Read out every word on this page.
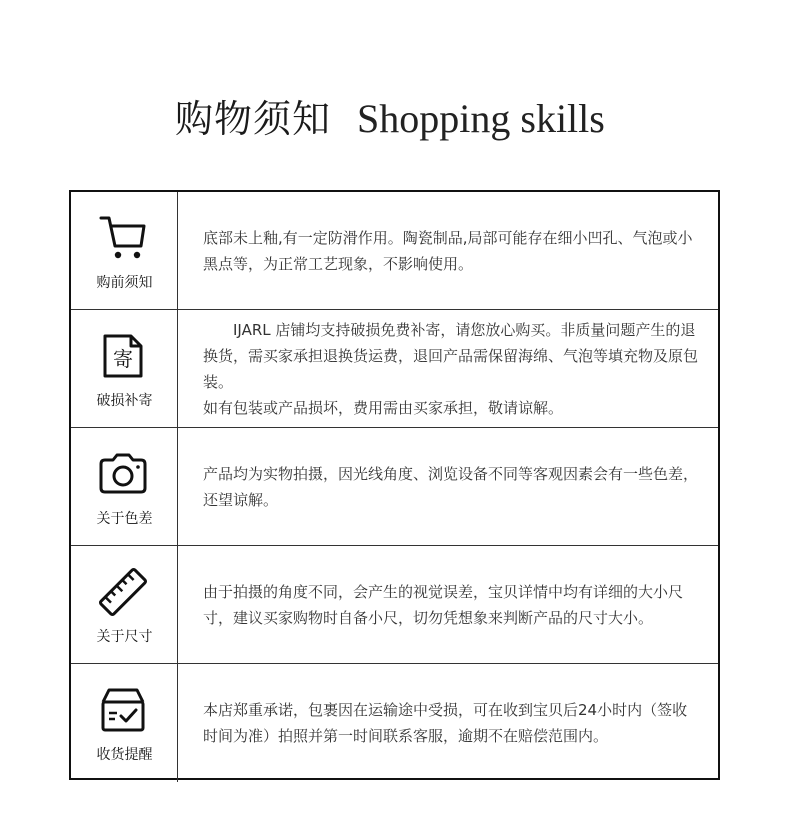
购物须知 Shopping skills
购前须知

底部未上釉,有一定防滑作用。陶瓷制品,局部可能存在细小凹孔、气泡或小黑点等，为正常工艺现象，不影响使用。

寄
破损补寄

IJARL 店铺均支持破损免费补寄，请您放心购买。非质量问题产生的退换货，需买家承担退换货运费，退回产品需保留海绵、气泡等填充物及原包装。

如有包装或产品损坏，费用需由买家承担，敬请谅解。

关于色差

产品均为实物拍摄，因光线角度、浏览设备不同等客观因素会有一些色差，还望谅解。

关于尺寸

由于拍摄的角度不同，会产生的视觉误差，宝贝详情中均有详细的大小尺寸，建议买家购物时自备小尺，切勿凭想象来判断产品的尺寸大小。

收货提醒

本店郑重承诺，包裹因在运输途中受损，可在收到宝贝后24小时内（签收时间为准）拍照并第一时间联系客服，逾期不在赔偿范围内。
